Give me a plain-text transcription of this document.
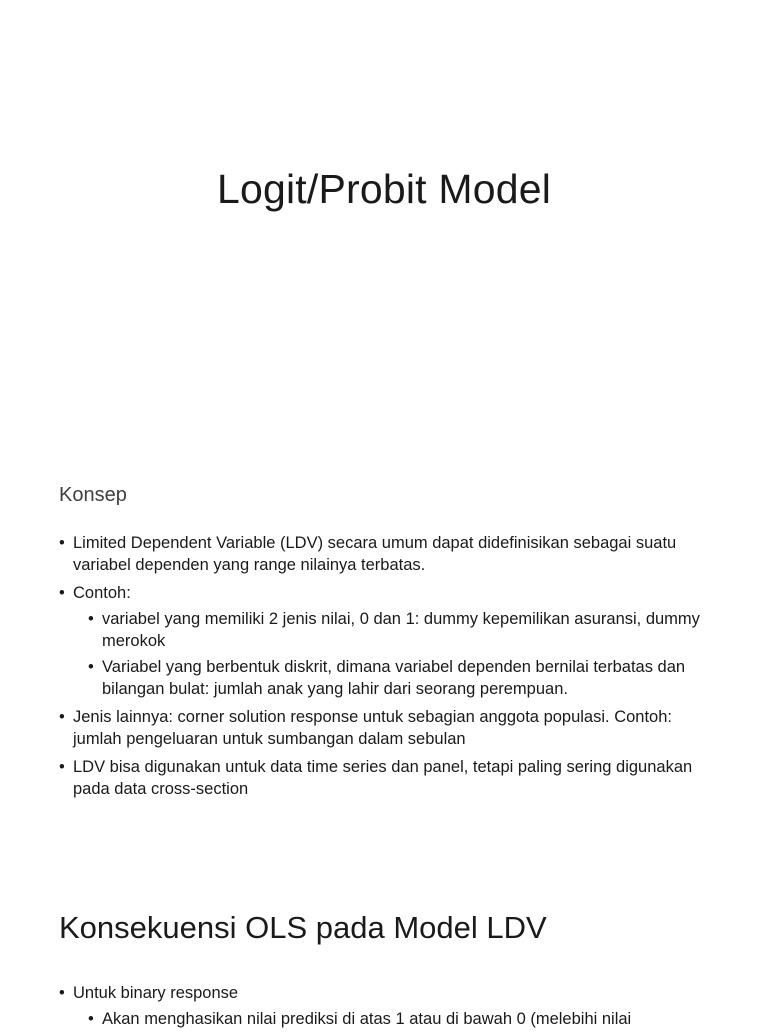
Logit/Probit Model
Konsep
• Limited Dependent Variable (LDV) secara umum dapat didefinisikan sebagai suatu variabel dependen yang range nilainya terbatas.
• Contoh:
• variabel yang memiliki 2 jenis nilai, 0 dan 1: dummy kepemilikan asuransi, dummy merokok
• Variabel yang berbentuk diskrit, dimana variabel dependen bernilai terbatas dan bilangan bulat: jumlah anak yang lahir dari seorang perempuan.
• Jenis lainnya: corner solution response untuk sebagian anggota populasi. Contoh: jumlah pengeluaran untuk sumbangan dalam sebulan
• LDV bisa digunakan untuk data time series dan panel, tetapi paling sering digunakan pada data cross-section
Konsekuensi OLS pada Model LDV
• Untuk binary response
• Akan menghasikan nilai prediksi di atas 1 atau di bawah 0 (melebihi nilai
